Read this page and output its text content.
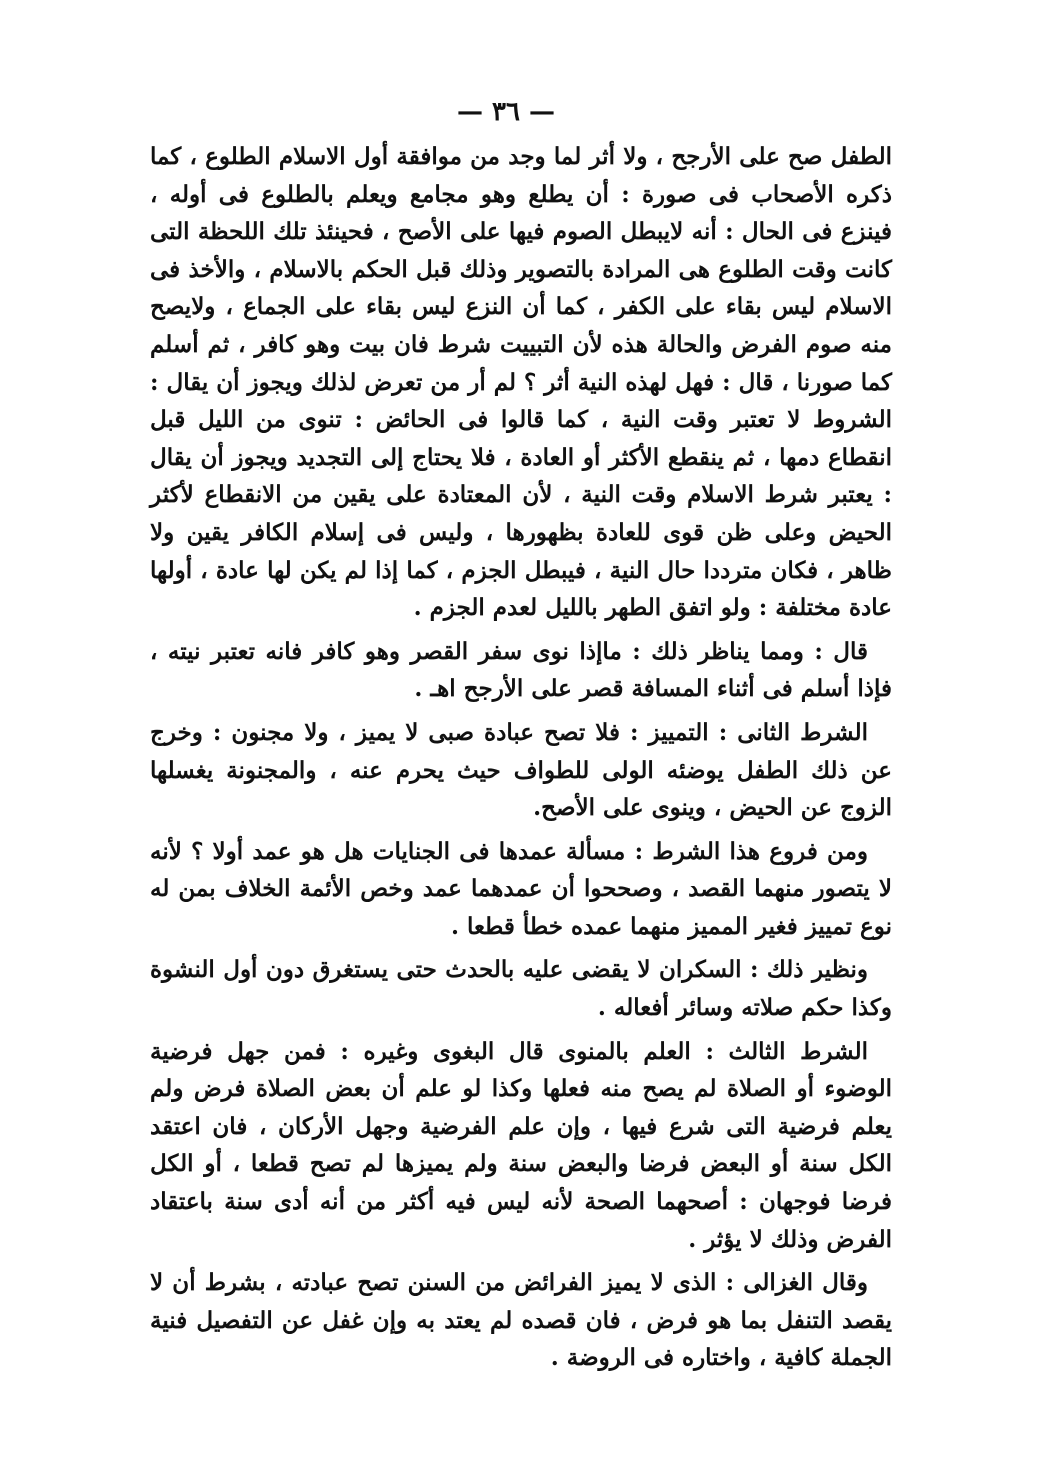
— ٣٦ —

الطفل صح على الأرجح ، ولا أثر لما وجد من موافقة أول الاسلام الطلوع ، كما ذكره الأصحاب فى صورة : أن يطلع وهو مجامع ويعلم بالطلوع فى أوله ، فينزع فى الحال : أنه لايبطل الصوم فيها على الأصح ، فحينئذ تلك اللحظة التى كانت وقت الطلوع هى المرادة بالتصوير وذلك قبل الحكم بالاسلام ، والأخذ فى الاسلام ليس بقاء على الكفر ، كما أن النزع ليس بقاء على الجماع ، ولايصح منه صوم الفرض والحالة هذه لأن التبييت شرط فان بيت وهو كافر ، ثم أسلم كما صورنا ، قال : فهل لهذه النية أثر ؟ لم أر من تعرض لذلك ويجوز أن يقال : الشروط لا تعتبر وقت النية ، كما قالوا فى الحائض : تنوى من الليل قبل انقطاع دمها ، ثم ينقطع الأكثر أو العادة ، فلا يحتاج إلى التجديد ويجوز أن يقال : يعتبر شرط الاسلام وقت النية ، لأن المعتادة على يقين من الانقطاع لأكثر الحيض وعلى ظن قوى للعادة بظهورها ، وليس فى إسلام الكافر يقين ولا ظاهر ، فكان مترددا حال النية ، فيبطل الجزم ، كما إذا لم يكن لها عادة ، أولها عادة مختلفة : ولو اتفق الطهر بالليل لعدم الجزم .

قال : ومما يناظر ذلك : ماإذا نوى سفر القصر وهو كافر فانه تعتبر نيته ، فإذا أسلم فى أثناء المسافة قصر على الأرجح اهـ .

الشرط الثانى : التمييز : فلا تصح عبادة صبى لا يميز ، ولا مجنون : وخرج عن ذلك الطفل يوضئه الولى للطواف حيث يحرم عنه ، والمجنونة يغسلها الزوج عن الحيض ، وينوى على الأصح.

ومن فروع هذا الشرط : مسألة عمدها فى الجنايات هل هو عمد أولا ؟ لأنه لا يتصور منهما القصد ، وصححوا أن عمدهما عمد وخص الأئمة الخلاف بمن له نوع تمييز فغير المميز منهما عمده خطأ قطعا .

ونظير ذلك : السكران لا يقضى عليه بالحدث حتى يستغرق دون أول النشوة وكذا حكم صلاته وسائر أفعاله .

الشرط الثالث : العلم بالمنوى قال البغوى وغيره : فمن جهل فرضية الوضوء أو الصلاة لم يصح منه فعلها وكذا لو علم أن بعض الصلاة فرض ولم يعلم فرضية التى شرع فيها ، وإن علم الفرضية وجهل الأركان ، فان اعتقد الكل سنة أو البعض فرضا والبعض سنة ولم يميزها لم تصح قطعا ، أو الكل فرضا فوجهان : أصحهما الصحة لأنه ليس فيه أكثر من أنه أدى سنة باعتقاد الفرض وذلك لا يؤثر .

وقال الغزالى : الذى لا يميز الفرائض من السنن تصح عبادته ، بشرط أن لا يقصد التنفل بما هو فرض ، فان قصده لم يعتد به وإن غفل عن التفصيل فنية الجملة كافية ، واختاره فى الروضة .
